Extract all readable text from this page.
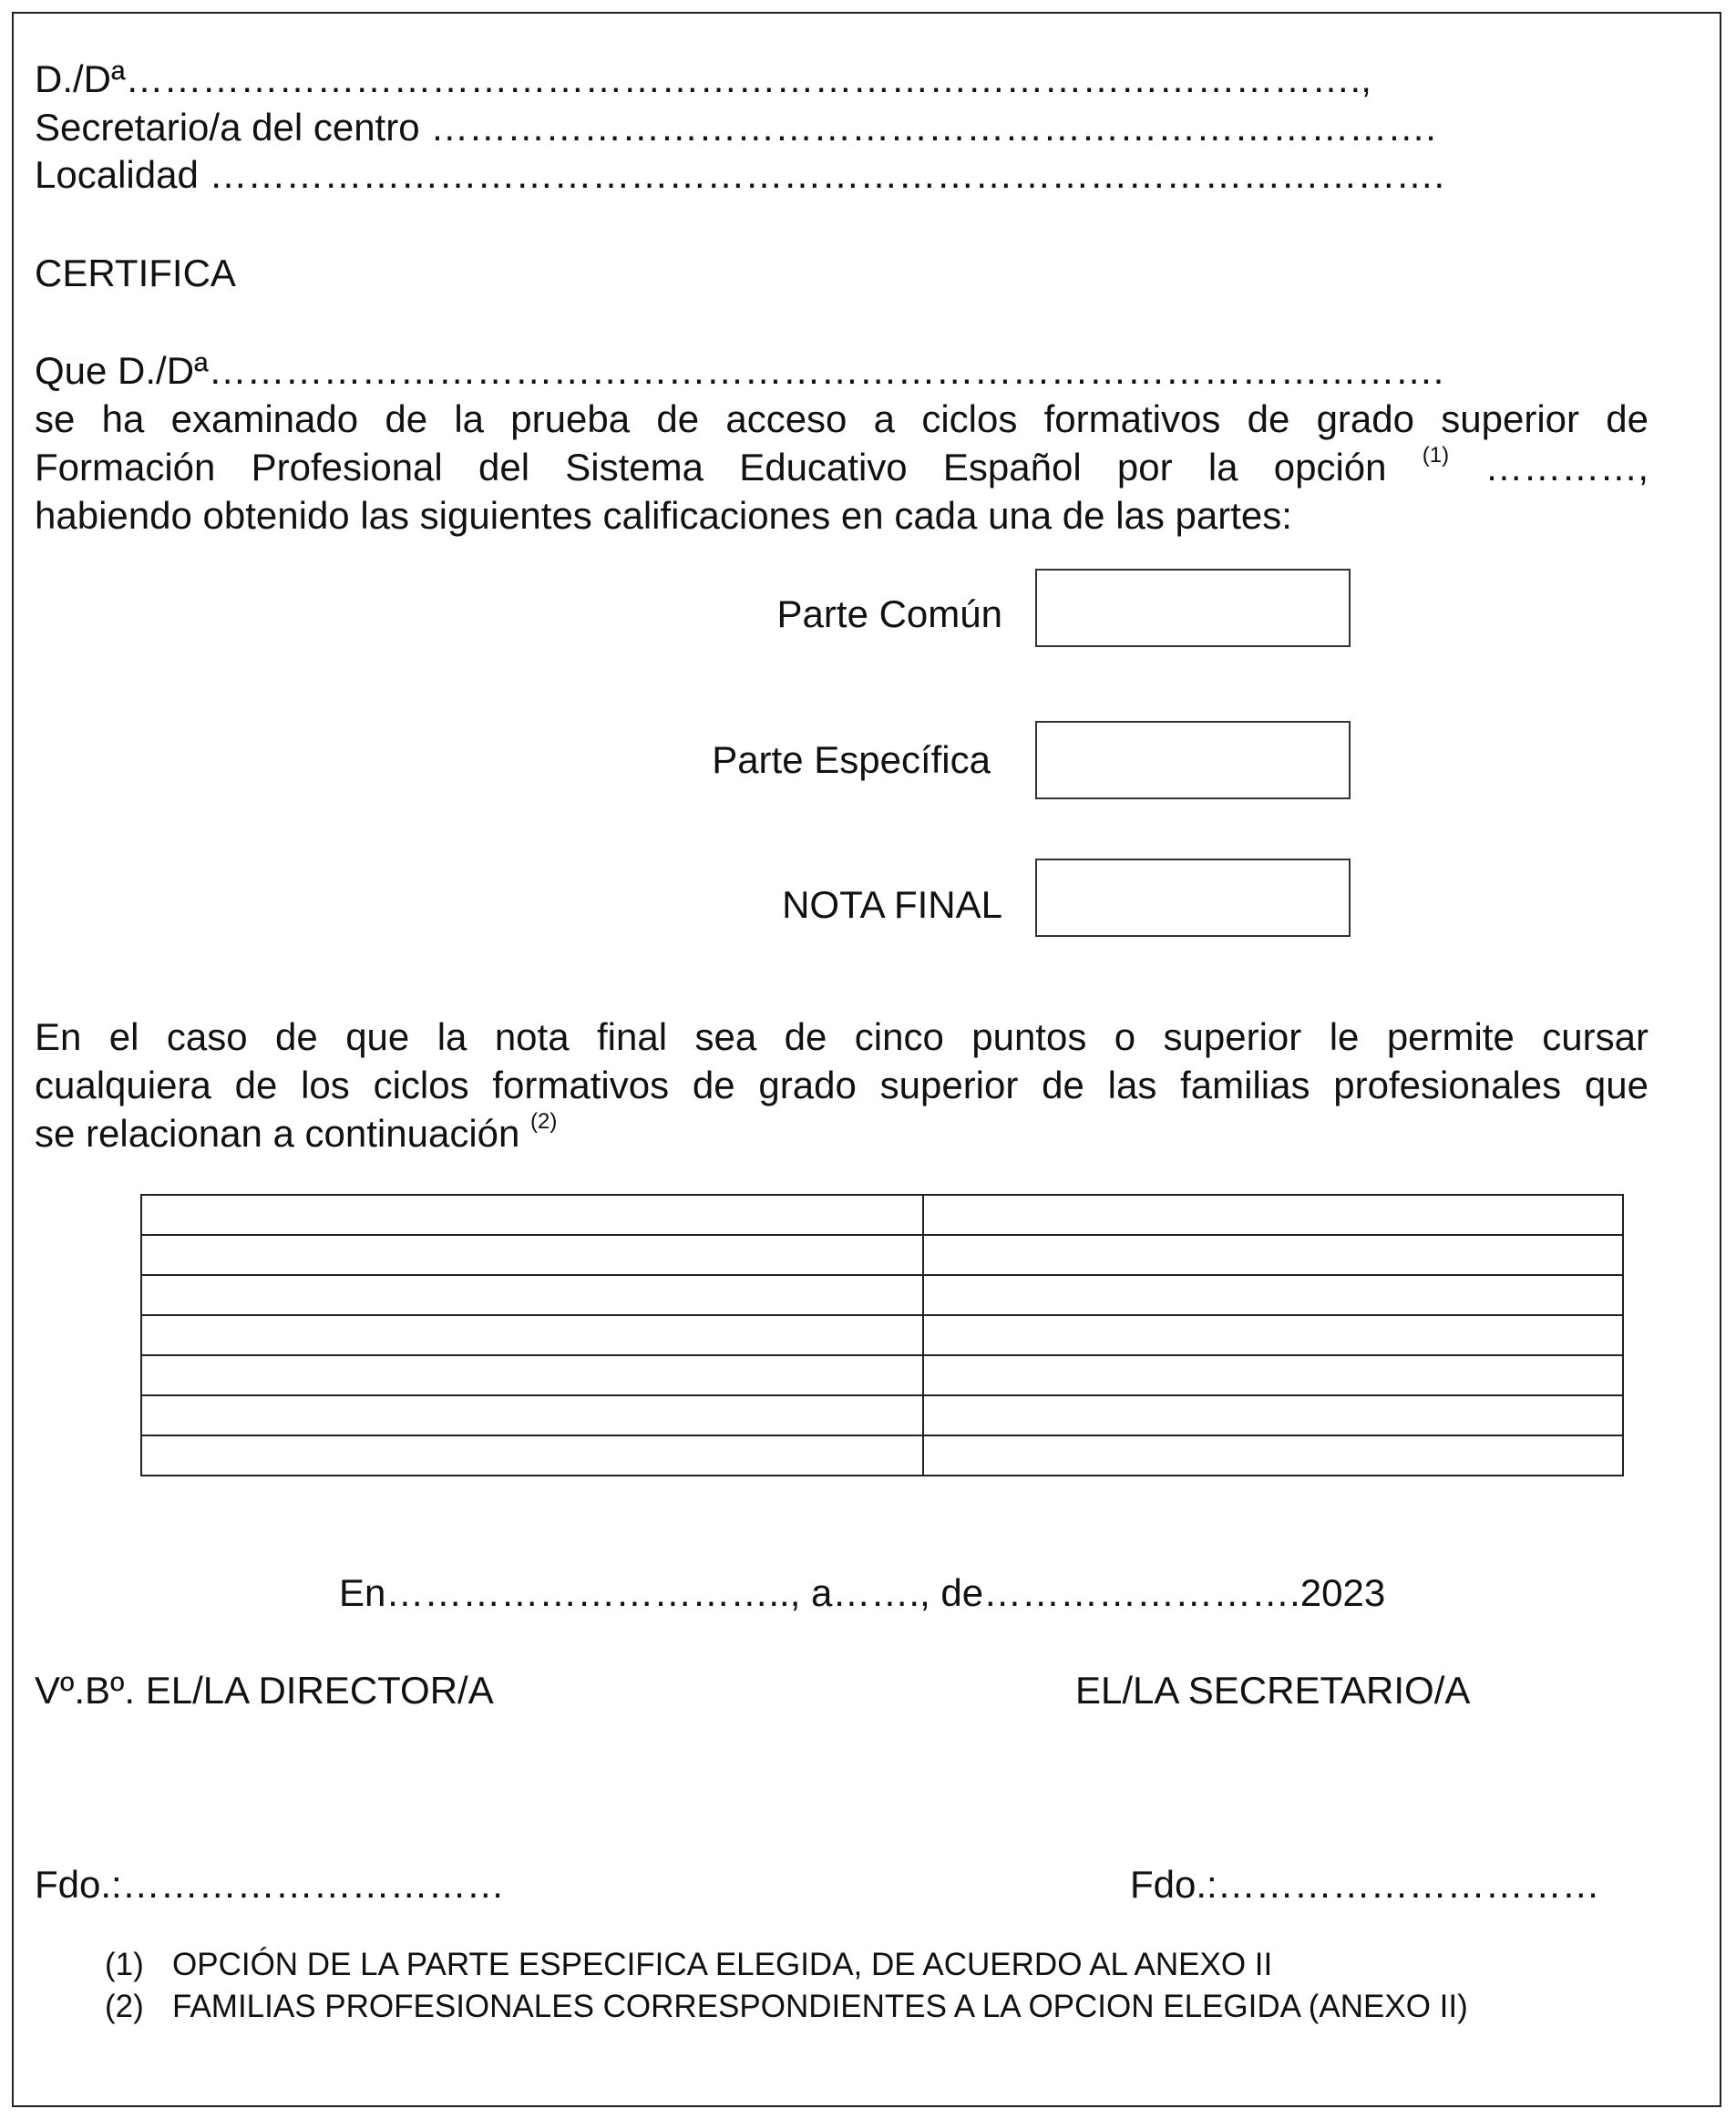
D./Dª…………………………………………………………………………………….,

Secretario/a del centro …………………………………………………………………….

Localidad …………………………………………………………………………………….

CERTIFICA

Que D./Dª…………………………………………………………………………………….
se ha examinado de la prueba de acceso a ciclos formativos de grado superior de
Formación Profesional del Sistema Educativo Español por la opción $^{(1)}$ …………,
habiendo obtenido las siguientes calificaciones en cada una de las partes:
Parte Común
Parte Específica
NOTA FINAL
En el caso de que la nota final sea de cinco puntos o superior le permite cursar
cualquiera de los ciclos formativos de grado superior de las familias profesionales que
se relacionan a continuación $^{(2)}$

En………………………….., a……., de…………………….2023

Vº.Bº. EL/LA DIRECTOR/A	EL/LA SECRETARIO/A

Fdo.:…………………………	Fdo.:…………………………

(1) OPCIÓN DE LA PARTE ESPECIFICA ELEGIDA, DE ACUERDO AL ANEXO II
(2) FAMILIAS PROFESIONALES CORRESPONDIENTES A LA OPCION ELEGIDA (ANEXO II)
